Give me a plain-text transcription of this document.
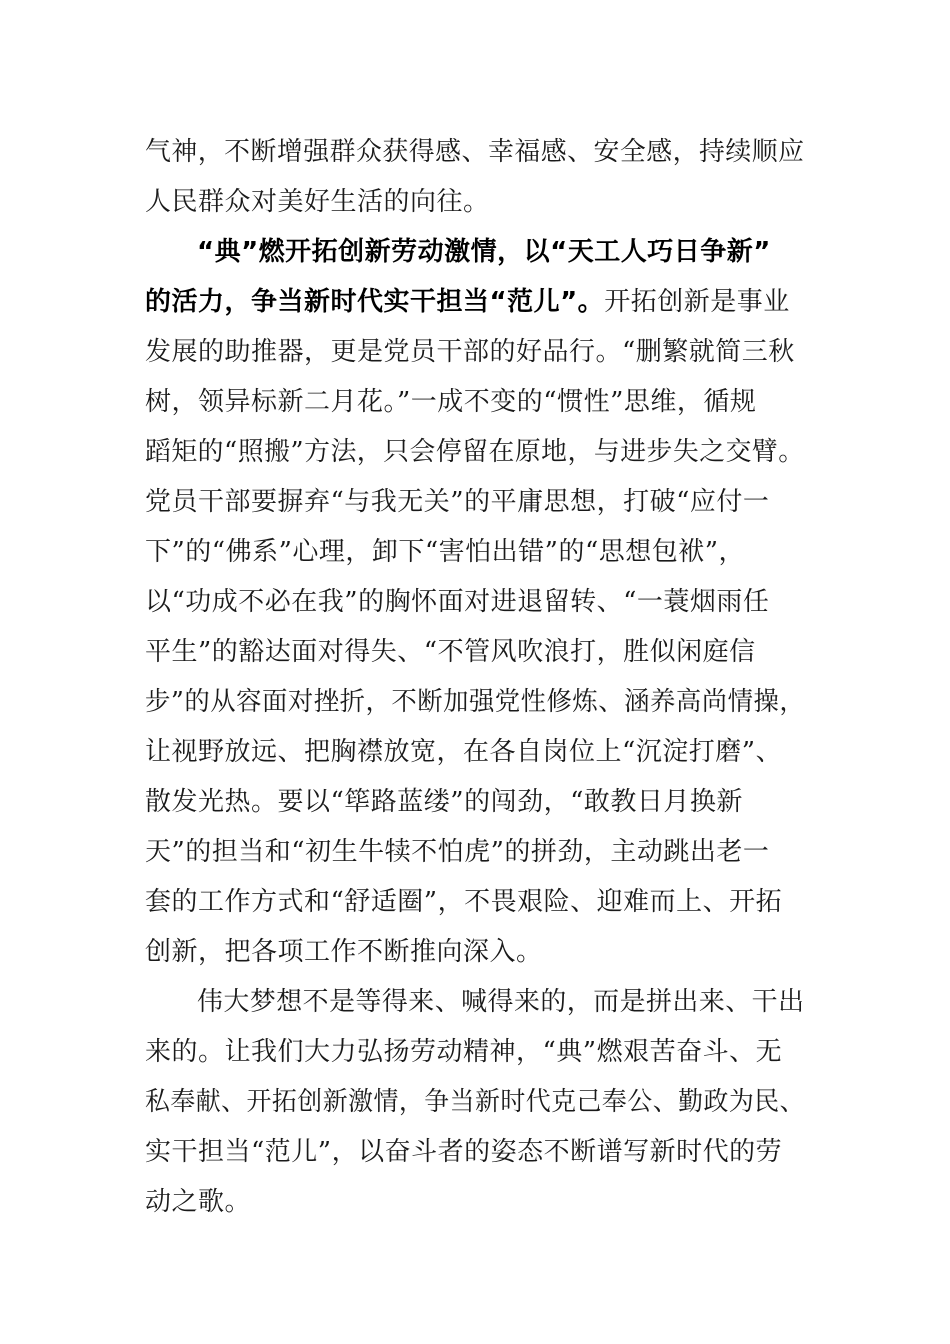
气神，不断增强群众获得感、幸福感、安全感，持续顺应
人民群众对美好生活的向往。
“典”燃开拓创新劳动激情，以“天工人巧日争新”
的活力，争当新时代实干担当“范儿”。开拓创新是事业
发展的助推器，更是党员干部的好品行。“删繁就简三秋
树，领异标新二月花。”一成不变的“惯性”思维，循规
蹈矩的“照搬”方法，只会停留在原地，与进步失之交臂。
党员干部要摒弃“与我无关”的平庸思想，打破“应付一
下”的“佛系”心理，卸下“害怕出错”的“思想包袱”，
以“功成不必在我”的胸怀面对进退留转、“一蓑烟雨任
平生”的豁达面对得失、“不管风吹浪打，胜似闲庭信
步”的从容面对挫折，不断加强党性修炼、涵养高尚情操，
让视野放远、把胸襟放宽，在各自岗位上“沉淀打磨”、
散发光热。要以“筚路蓝缕”的闯劲，“敢教日月换新
天”的担当和“初生牛犊不怕虎”的拼劲，主动跳出老一
套的工作方式和“舒适圈”，不畏艰险、迎难而上、开拓
创新，把各项工作不断推向深入。
伟大梦想不是等得来、喊得来的，而是拼出来、干出
来的。让我们大力弘扬劳动精神，“典”燃艰苦奋斗、无
私奉献、开拓创新激情，争当新时代克己奉公、勤政为民、
实干担当“范儿”，以奋斗者的姿态不断谱写新时代的劳
动之歌。
